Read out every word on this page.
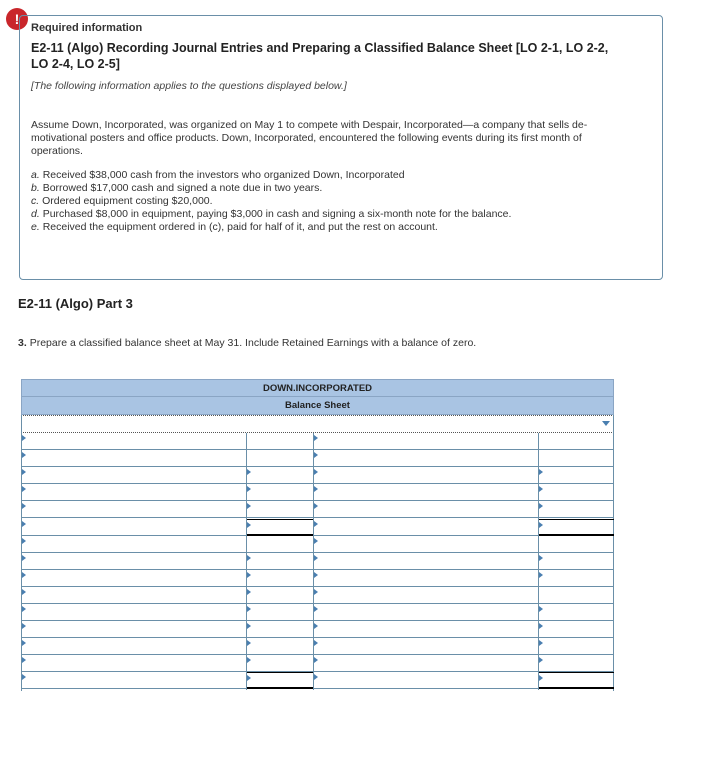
!
Required information
E2-11 (Algo) Recording Journal Entries and Preparing a Classified Balance Sheet [LO 2-1, LO 2-2, LO 2-4, LO 2-5]
[The following information applies to the questions displayed below.]
Assume Down, Incorporated, was organized on May 1 to compete with Despair, Incorporated—a company that sells de-motivational posters and office products. Down, Incorporated, encountered the following events during its first month of operations.
a. Received $38,000 cash from the investors who organized Down, Incorporated
b. Borrowed $17,000 cash and signed a note due in two years.
c. Ordered equipment costing $20,000.
d. Purchased $8,000 in equipment, paying $3,000 in cash and signing a six-month note for the balance.
e. Received the equipment ordered in (c), paid for half of it, and put the rest on account.
E2-11 (Algo) Part 3
3. Prepare a classified balance sheet at May 31. Include Retained Earnings with a balance of zero.
DOWN.INCORPORATED
Balance Sheet
